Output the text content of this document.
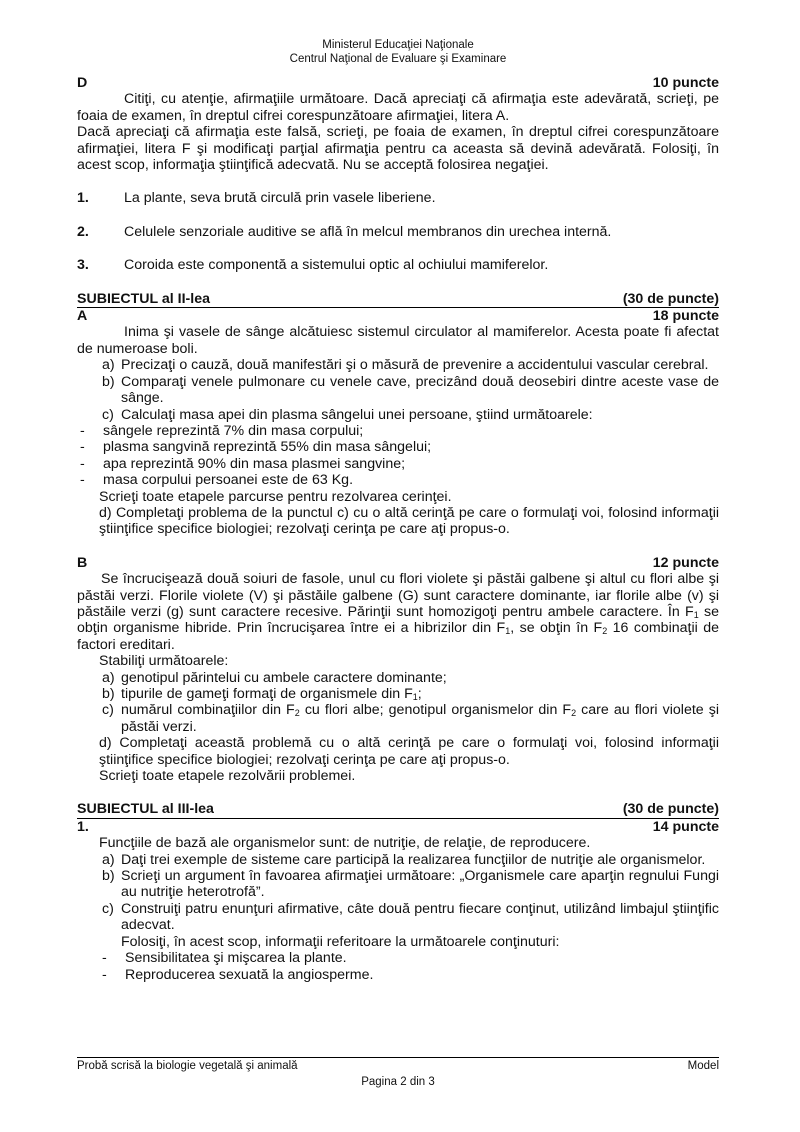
Ministerul Educaţiei Naţionale
Centrul Naţional de Evaluare şi Examinare
D	10 puncte
Citiţi, cu atenţie, afirmaţiile următoare. Dacă apreciaţi că afirmaţia este adevărată, scrieţi, pe foaia de examen, în dreptul cifrei corespunzătoare afirmaţiei, litera A.
Dacă apreciaţi că afirmaţia este falsă, scrieţi, pe foaia de examen, în dreptul cifrei corespunzătoare afirmaţiei, litera F şi modificaţi parţial afirmaţia pentru ca aceasta să devină adevărată. Folosiţi, în acest scop, informaţia ştiinţifică adecvată. Nu se acceptă folosirea negaţiei.
1.	La plante, seva brută circulă prin vasele liberiene.
2.	Celulele senzoriale auditive se află în melcul membranos din urechea internă.
3.	Coroida este componentă a sistemului optic al ochiului mamiferelor.
SUBIECTUL al II-lea	(30 de puncte)
A	18 puncte
Inima şi vasele de sânge alcătuiesc sistemul circulator al mamiferelor. Acesta poate fi afectat de numeroase boli.
a) Precizaţi o cauză, două manifestări şi o măsură de prevenire a accidentului vascular cerebral.
b) Comparaţi venele pulmonare cu venele cave, precizând două deosebiri dintre aceste vase de sânge.
c) Calculaţi masa apei din plasma sângelui unei persoane, ştiind următoarele:
-	sângele reprezintă 7% din masa corpului;
-	plasma sangvină reprezintă 55% din masa sângelui;
-	apa reprezintă 90% din masa plasmei sangvine;
-	masa corpului persoanei este de 63 Kg.
Scrieţi toate etapele parcurse pentru rezolvarea cerinţei.
d) Completaţi problema de la punctul c) cu o altă cerinţă pe care o formulaţi voi, folosind informaţii ştiinţifice specifice biologiei; rezolvaţi cerinţa pe care aţi propus-o.
B	12 puncte
Se încrucişează două soiuri de fasole, unul cu flori violete şi păstăi galbene şi altul cu flori albe şi păstăi verzi. Florile violete (V) şi păstăile galbene (G) sunt caractere dominante, iar florile albe (v) şi păstăile verzi (g) sunt caractere recesive. Părinţii sunt homozigoţi pentru ambele caractere. În $F_1$ se obţin organisme hibride. Prin încrucişarea între ei a hibrizilor din $F_1$, se obţin în $F_2$ 16 combinaţii de factori ereditari.
Stabiliţi următoarele:
a) genotipul părintelui cu ambele caractere dominante;
b) tipurile de gameţi formaţi de organismele din $F_1$;
c) numărul combinaţiilor din $F_2$ cu flori albe; genotipul organismelor din $F_2$ care au flori violete şi păstăi verzi.
d) Completaţi această problemă cu o altă cerinţă pe care o formulaţi voi, folosind informaţii ştiinţifice specifice biologiei; rezolvaţi cerinţa pe care aţi propus-o.
Scrieţi toate etapele rezolvării problemei.
SUBIECTUL al III-lea	(30 de puncte)
1.	14 puncte
Funcţiile de bază ale organismelor sunt: de nutriţie, de relaţie, de reproducere.
a) Daţi trei exemple de sisteme care participă la realizarea funcţiilor de nutriţie ale organismelor.
b) Scrieţi un argument în favoarea afirmaţiei următoare: „Organismele care aparţin regnului Fungi au nutriţie heterotrofă”.
c) Construiţi patru enunţuri afirmative, câte două pentru fiecare conţinut, utilizând limbajul ştiinţific adecvat.
Folosiţi, în acest scop, informaţii referitoare la următoarele conţinuturi:
-	Sensibilitatea şi mişcarea la plante.
-	Reproducerea sexuată la angiosperme.
Probă scrisă la biologie vegetală şi animală	Model
Pagina 2 din 3
